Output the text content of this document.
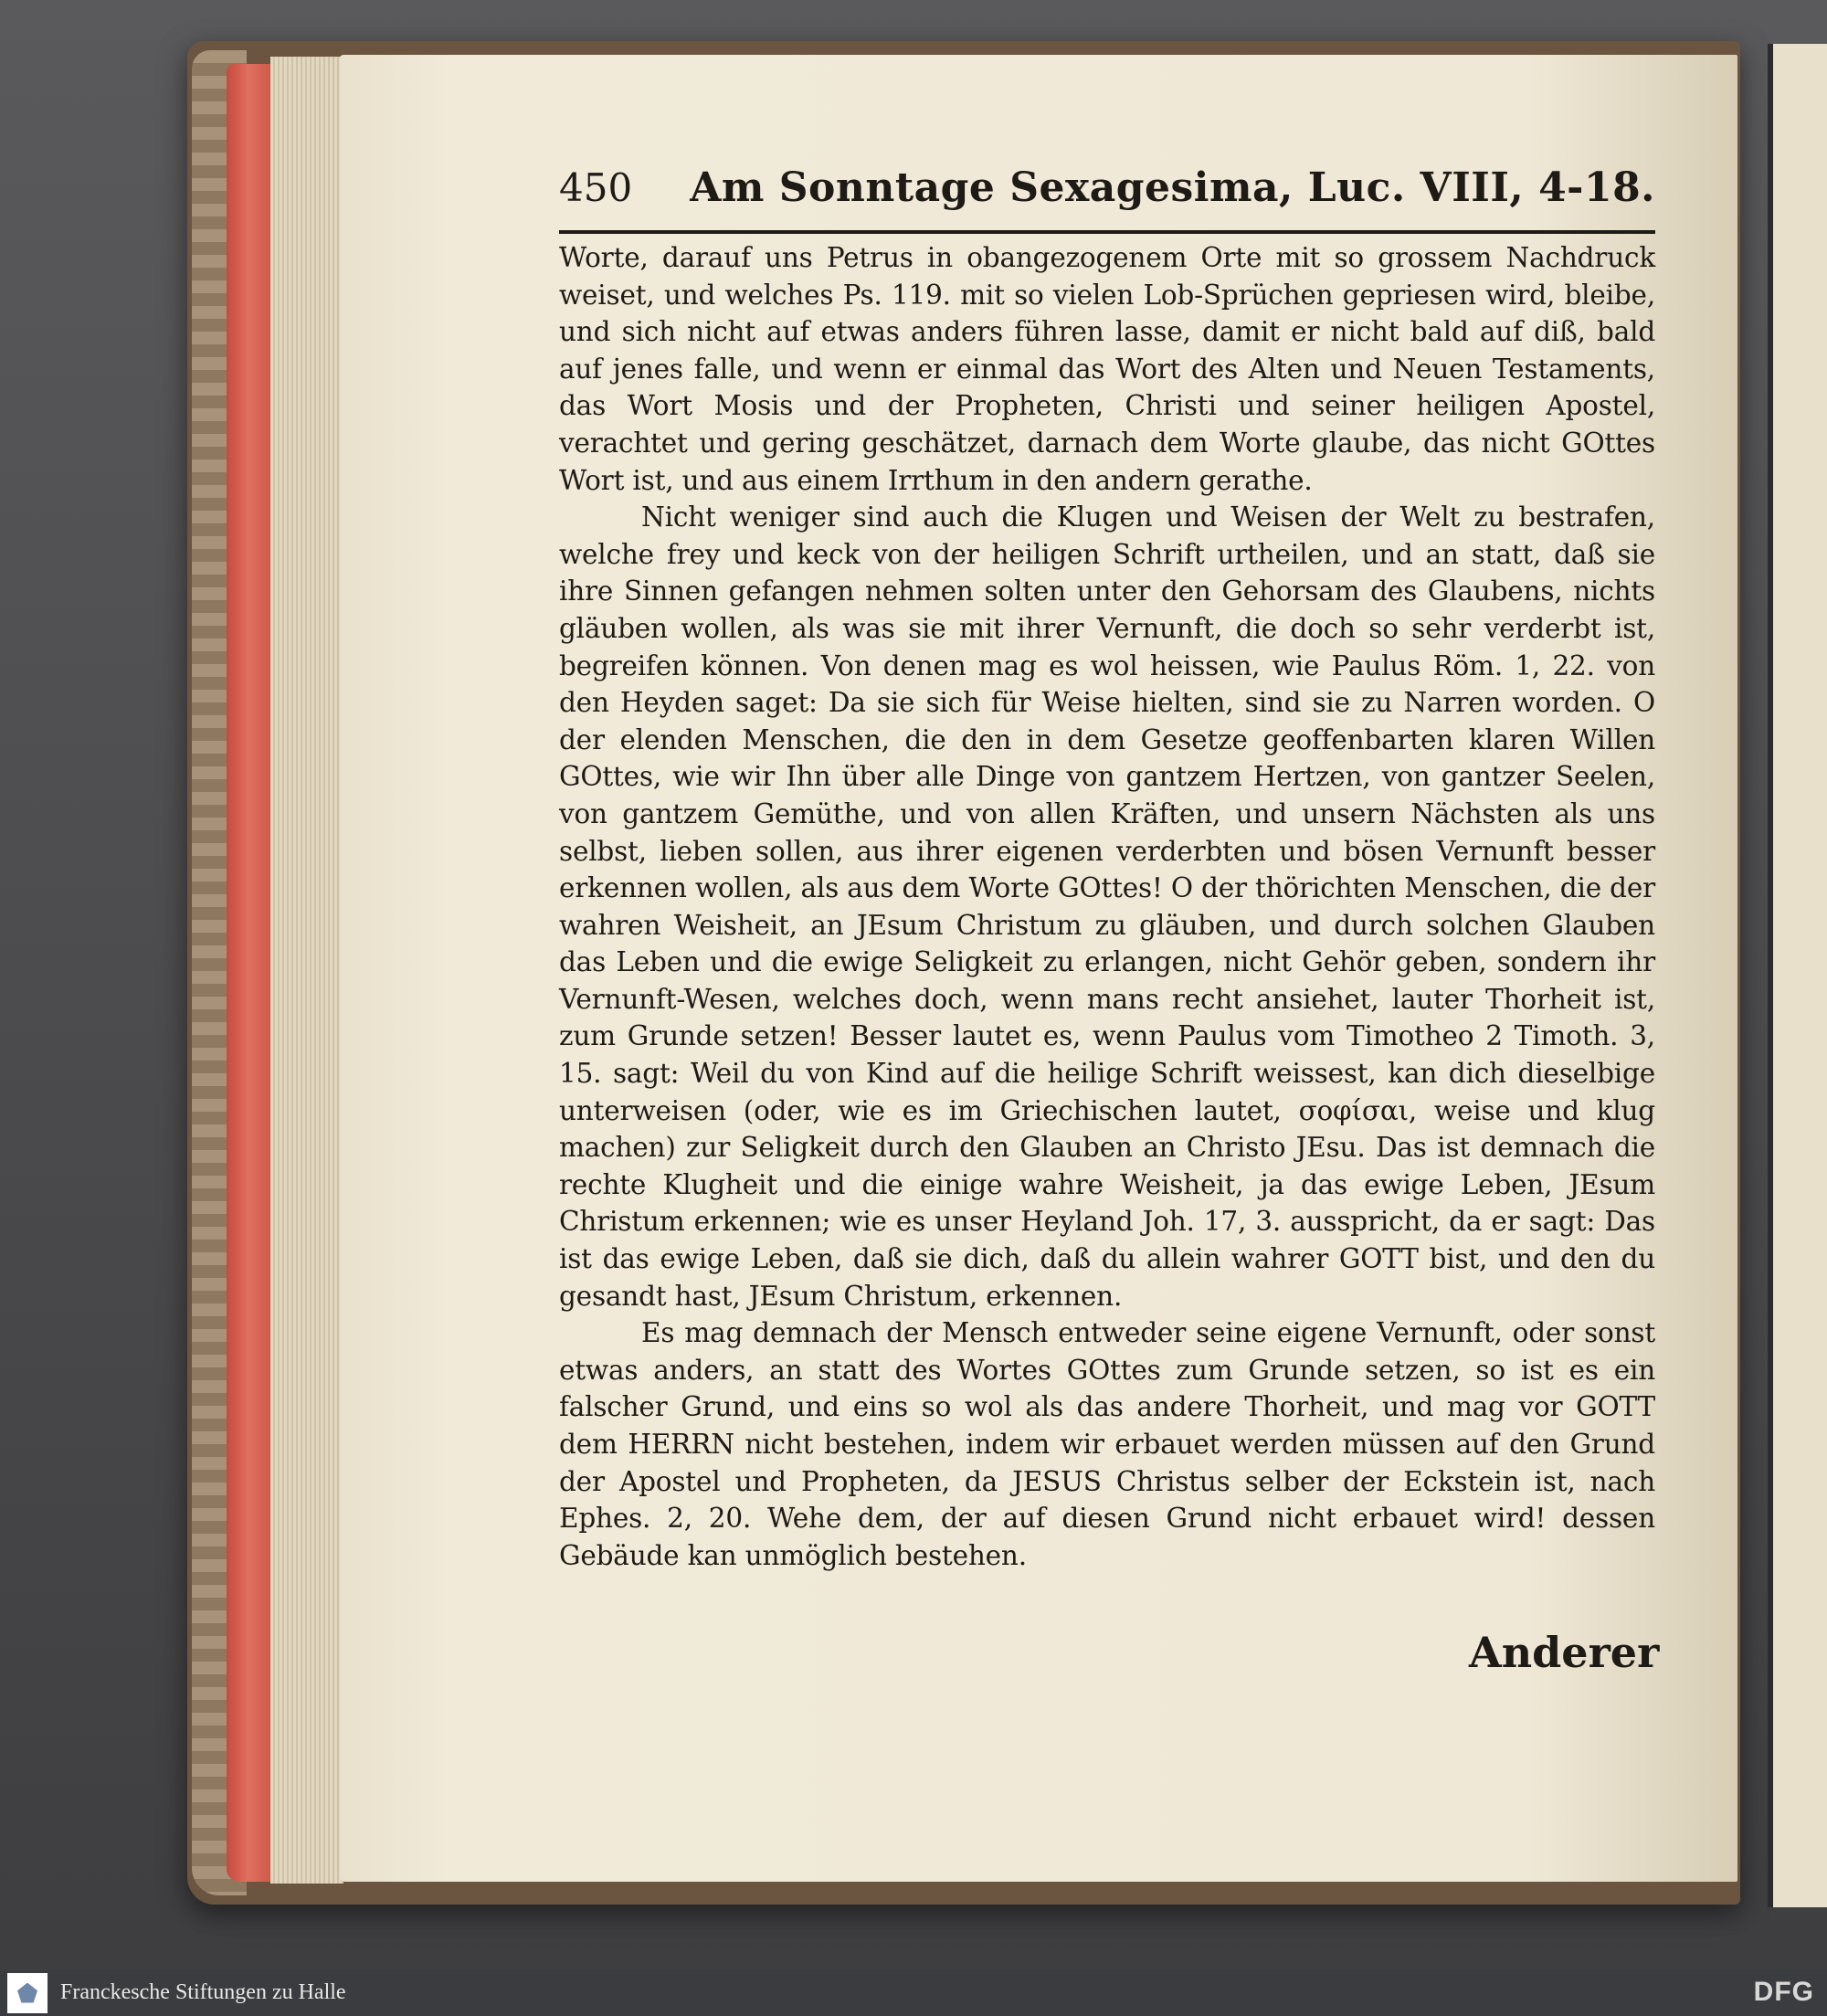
450	Am Sonntage Sexagesima, Luc. VIII, 4-18.

Worte, darauf uns Petrus in obangezogenem Orte mit so grossem Nachdruck weiset, und welches Ps. 119. mit so vielen Lob-Sprüchen gepriesen wird, bleibe, und sich nicht auf etwas anders führen lasse, damit er nicht bald auf diß, bald auf jenes falle, und wenn er einmal das Wort des Alten und Neuen Testaments, das Wort Mosis und der Propheten, Christi und seiner heiligen Apostel, verachtet und gering geschätzet, darnach dem Worte glaube, das nicht GOttes Wort ist, und aus einem Irrthum in den andern gerathe.

Nicht weniger sind auch die Klugen und Weisen der Welt zu bestrafen, welche frey und keck von der heiligen Schrift urtheilen, und an statt, daß sie ihre Sinnen gefangen nehmen solten unter den Gehorsam des Glaubens, nichts gläuben wollen, als was sie mit ihrer Vernunft, die doch so sehr verderbt ist, begreifen können. Von denen mag es wol heissen, wie Paulus Röm. 1, 22. von den Heyden saget: Da sie sich für Weise hielten, sind sie zu Narren worden. O der elenden Menschen, die den in dem Gesetze geoffenbarten klaren Willen GOttes, wie wir Ihn über alle Dinge von gantzem Hertzen, von gantzer Seelen, von gantzem Gemüthe, und von allen Kräften, und unsern Nächsten als uns selbst, lieben sollen, aus ihrer eigenen verderbten und bösen Vernunft besser erkennen wollen, als aus dem Worte GOttes! O der thörichten Menschen, die der wahren Weisheit, an JEsum Christum zu gläuben, und durch solchen Glauben das Leben und die ewige Seligkeit zu erlangen, nicht Gehör geben, sondern ihr Vernunft-Wesen, welches doch, wenn mans recht ansiehet, lauter Thorheit ist, zum Grunde setzen! Besser lautet es, wenn Paulus vom Timotheo 2 Timoth. 3, 15. sagt: Weil du von Kind auf die heilige Schrift weissest, kan dich dieselbige unterweisen (oder, wie es im Griechischen lautet, σοφίσαι, weise und klug machen) zur Seligkeit durch den Glauben an Christo JEsu. Das ist demnach die rechte Klugheit und die einige wahre Weisheit, ja das ewige Leben, JEsum Christum erkennen; wie es unser Heyland Joh. 17, 3. ausspricht, da er sagt: Das ist das ewige Leben, daß sie dich, daß du allein wahrer GOTT bist, und den du gesandt hast, JEsum Christum, erkennen.

Es mag demnach der Mensch entweder seine eigene Vernunft, oder sonst etwas anders, an statt des Wortes GOttes zum Grunde setzen, so ist es ein falscher Grund, und eins so wol als das andere Thorheit, und mag vor GOTT dem HERRN nicht bestehen, indem wir erbauet werden müssen auf den Grund der Apostel und Propheten, da JESUS Christus selber der Eckstein ist, nach Ephes. 2, 20. Wehe dem, der auf diesen Grund nicht erbauet wird! dessen Gebäude kan unmöglich bestehen.

Anderer
Franckesche Stiftungen zu Halle	DFG
